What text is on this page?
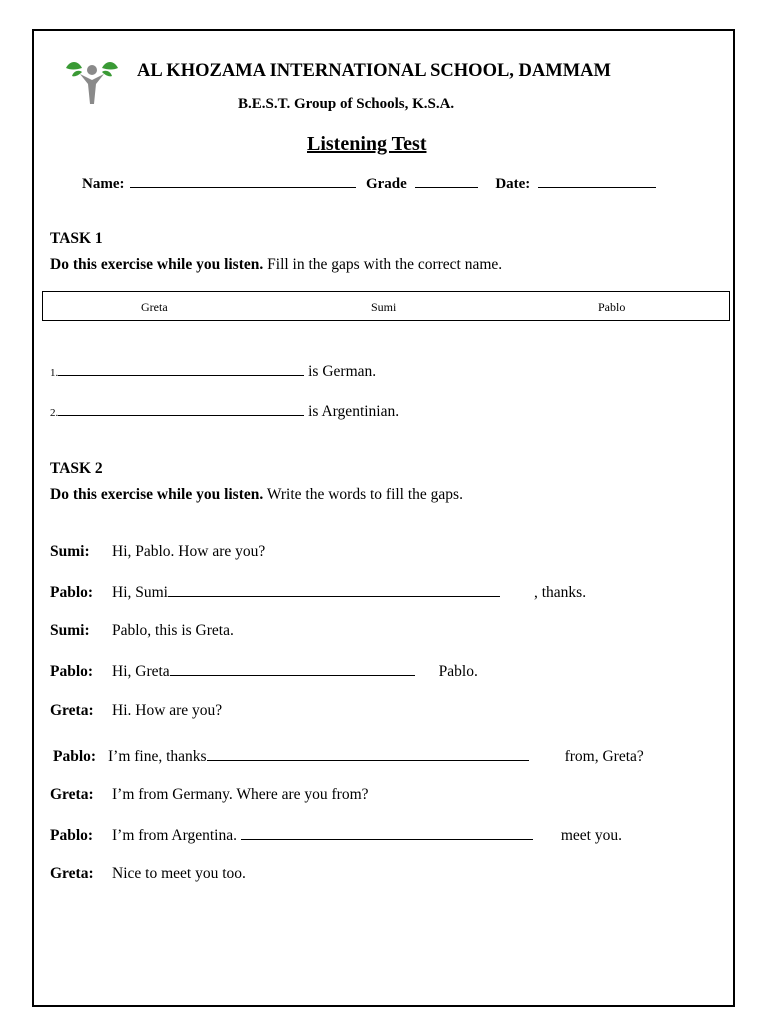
AL KHOZAMA INTERNATIONAL SCHOOL, DAMMAM
B.E.S.T. Group of Schools, K.S.A.
Listening Test
Name:	Grade	Date:
TASK 1
Do this exercise while you listen. Fill in the gaps with the correct name.
Greta	Sumi	Pablo
1.	is German.
2.	is Argentinian.
TASK 2
Do this exercise while you listen. Write the words to fill the gaps.
Sumi: Hi, Pablo. How are you?
Pablo: Hi, Sumi	, thanks.
Sumi: Pablo, this is Greta.
Pablo: Hi, Greta	Pablo.
Greta: Hi. How are you?
Pablo: I’m fine, thanks	from, Greta?
Greta: I’m from Germany. Where are you from?
Pablo: I’m from Argentina.	meet you.
Greta: Nice to meet you too.
